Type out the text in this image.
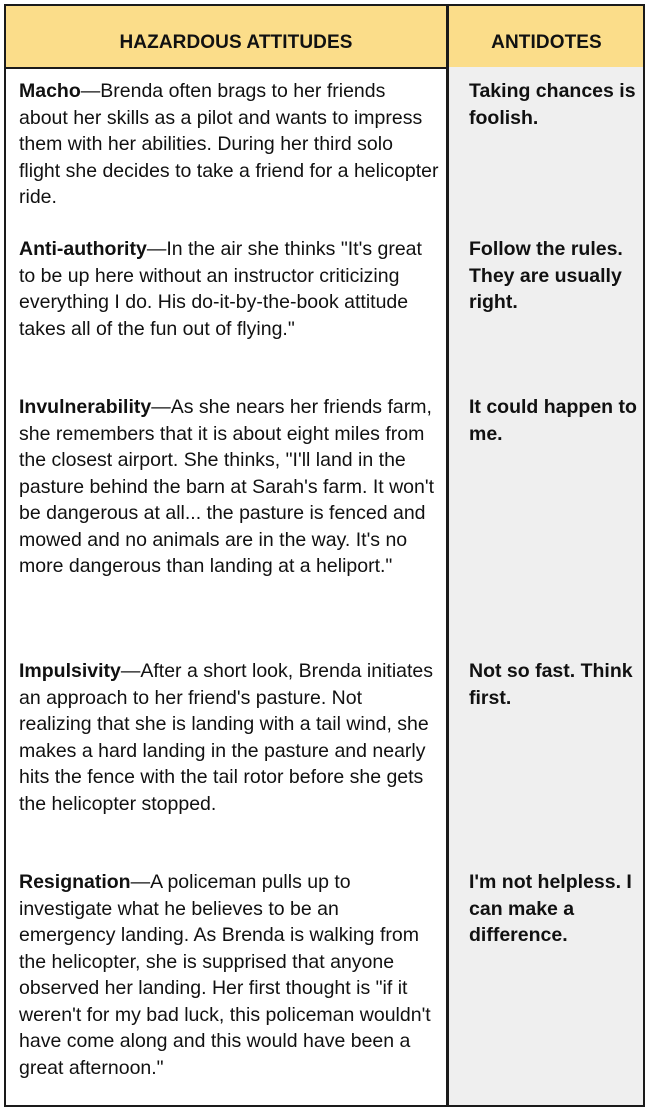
HAZARDOUS ATTITUDES	ANTIDOTES
Macho—Brenda often brags to her friends about her skills as a pilot and wants to impress them with her abilities. During her third solo flight she decides to take a friend for a helicopter ride.
Taking chances is foolish.
Anti-authority—In the air she thinks "It's great to be up here without an instructor criticizing everything I do. His do-it-by-the-book attitude takes all of the fun out of flying."
Follow the rules. They are usually right.
Invulnerability—As she nears her friends farm, she remembers that it is about eight miles from the closest airport. She thinks, "I'll land in the pasture behind the barn at Sarah's farm. It won't be dangerous at all... the pasture is fenced and mowed and no animals are in the way. It's no more dangerous than landing at a heliport."
It could happen to me.
Impulsivity—After a short look, Brenda initiates an approach to her friend's pasture. Not realizing that she is landing with a tail wind, she makes a hard landing in the pasture and nearly hits the fence with the tail rotor before she gets the helicopter stopped.
Not so fast. Think first.
Resignation—A policeman pulls up to investigate what he believes to be an emergency landing. As Brenda is walking from the helicopter, she is supprised that anyone observed her landing. Her first thought is "if it weren't for my bad luck, this policeman wouldn't have come along and this would have been a great afternoon."
I'm not helpless. I can make a difference.
